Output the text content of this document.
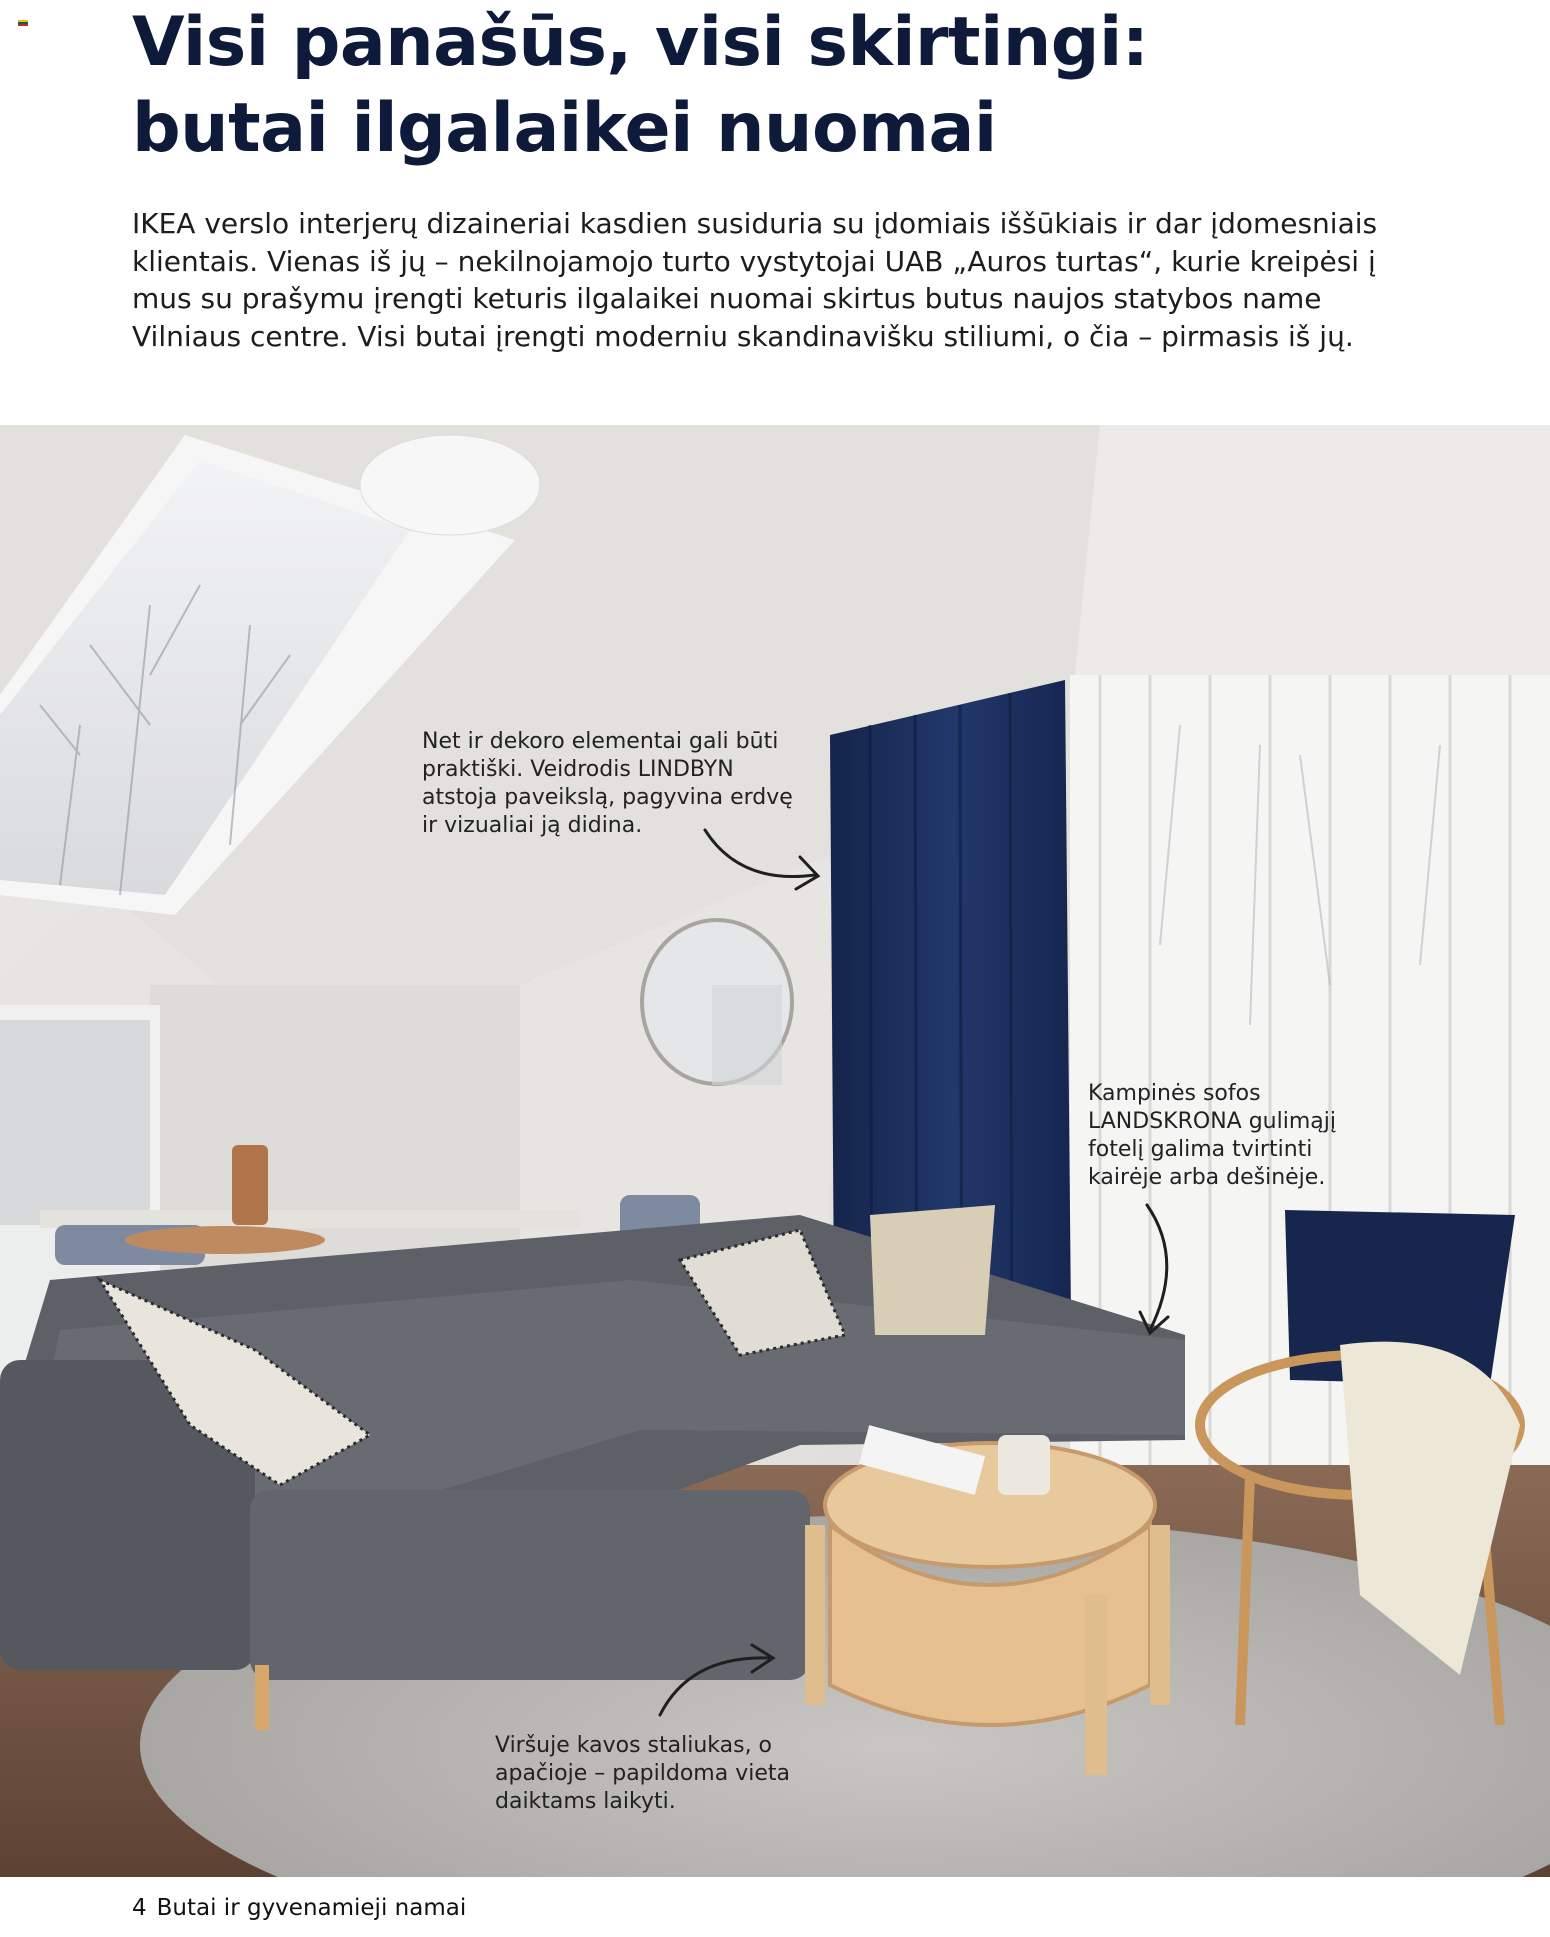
Visi panašūs, visi skirtingi:
butai ilgalaikei nuomai

IKEA verslo interjerų dizaineriai kasdien susiduria su įdomiais iššūkiais ir dar įdomesniais klientais. Vienas iš jų – nekilnojamojo turto vystytojai UAB „Auros turtas“, kurie kreipėsi į mus su prašymu įrengti keturis ilgalaikei nuomai skirtus butus naujos statybos name Vilniaus centre. Visi butai įrengti moderniu skandinavišku stiliumi, o čia – pirmasis iš jų.

Net ir dekoro elementai gali būti praktiški. Veidrodis LINDBYN atstoja paveikslą, pagyvina erdvę ir vizualiai ją didina.

Kampinės sofos LANDSKRONA gulimąjį fotelį galima tvirtinti kairėje arba dešinėje.

Viršuje kavos staliukas, o apačioje – papildoma vieta daiktams laikyti.

4 Butai ir gyvenamieji namai
